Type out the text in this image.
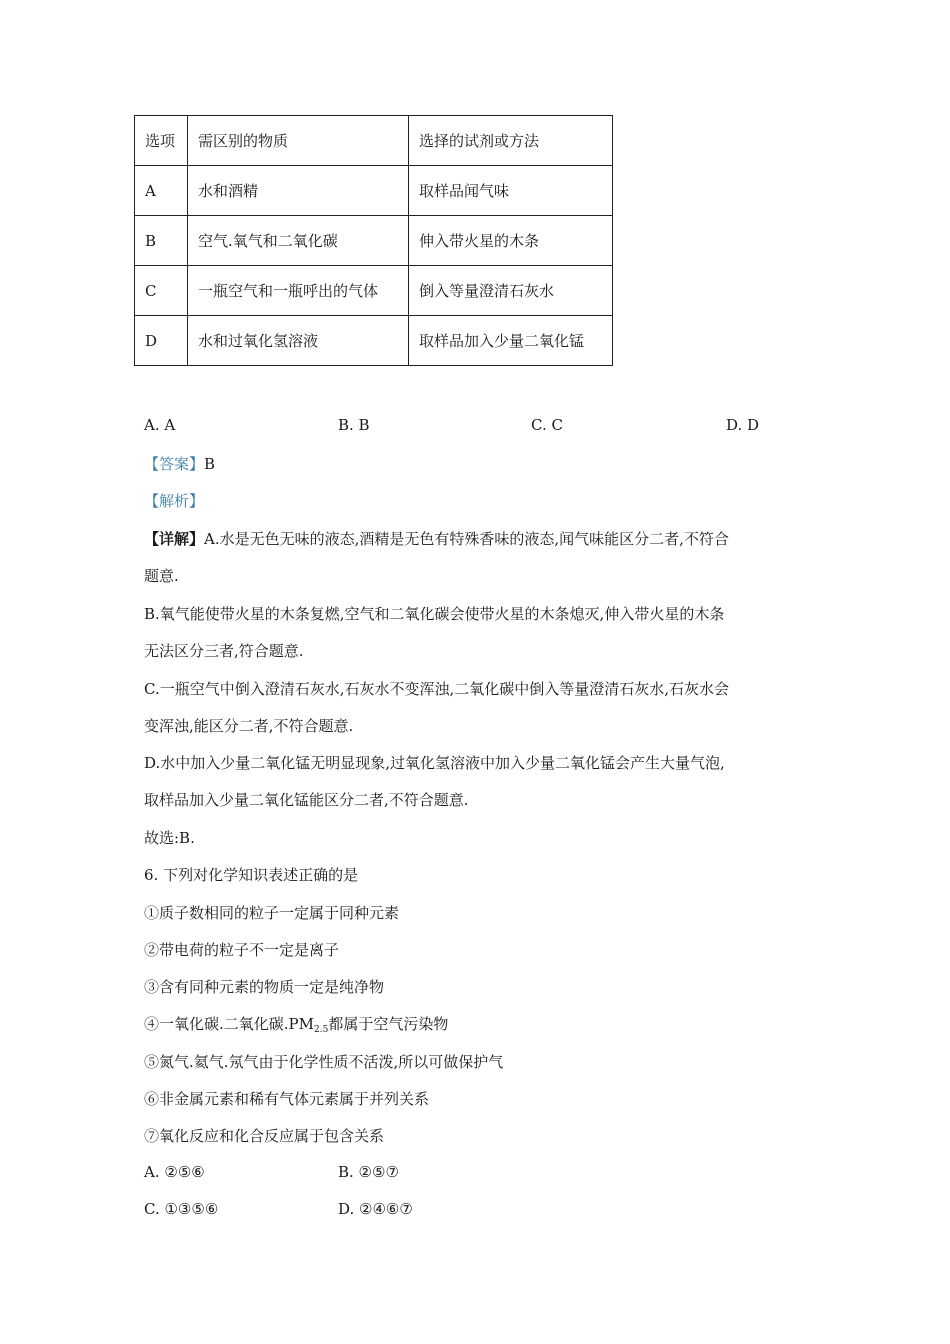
选项	需区别的物质	选择的试剂或方法
A	水和酒精	取样品闻气味
B	空气.氧气和二氧化碳	伸入带火星的木条
C	一瓶空气和一瓶呼出的气体	倒入等量澄清石灰水
D	水和过氧化氢溶液	取样品加入少量二氧化锰
A. A	B. B	C. C	D. D
【答案】B
【解析】
【详解】A.水是无色无味的液态,酒精是无色有特殊香味的液态,闻气味能区分二者,不符合
题意.
B.氧气能使带火星的木条复燃,空气和二氧化碳会使带火星的木条熄灭,伸入带火星的木条
无法区分三者,符合题意.
C.一瓶空气中倒入澄清石灰水,石灰水不变浑浊,二氧化碳中倒入等量澄清石灰水,石灰水会
变浑浊,能区分二者,不符合题意.
D.水中加入少量二氧化锰无明显现象,过氧化氢溶液中加入少量二氧化锰会产生大量气泡,
取样品加入少量二氧化锰能区分二者,不符合题意.
故选:B.
6. 下列对化学知识表述正确的是
①质子数相同的粒子一定属于同种元素
②带电荷的粒子不一定是离子
③含有同种元素的物质一定是纯净物
④一氧化碳.二氧化碳$.PM_{2.5}$都属于空气污染物
⑤氮气.氦气.氖气由于化学性质不活泼,所以可做保护气
⑥非金属元素和稀有气体元素属于并列关系
⑦氧化反应和化合反应属于包含关系
A. ②⑤⑥	B. ②⑤⑦
C. ①③⑤⑥	D. ②④⑥⑦
